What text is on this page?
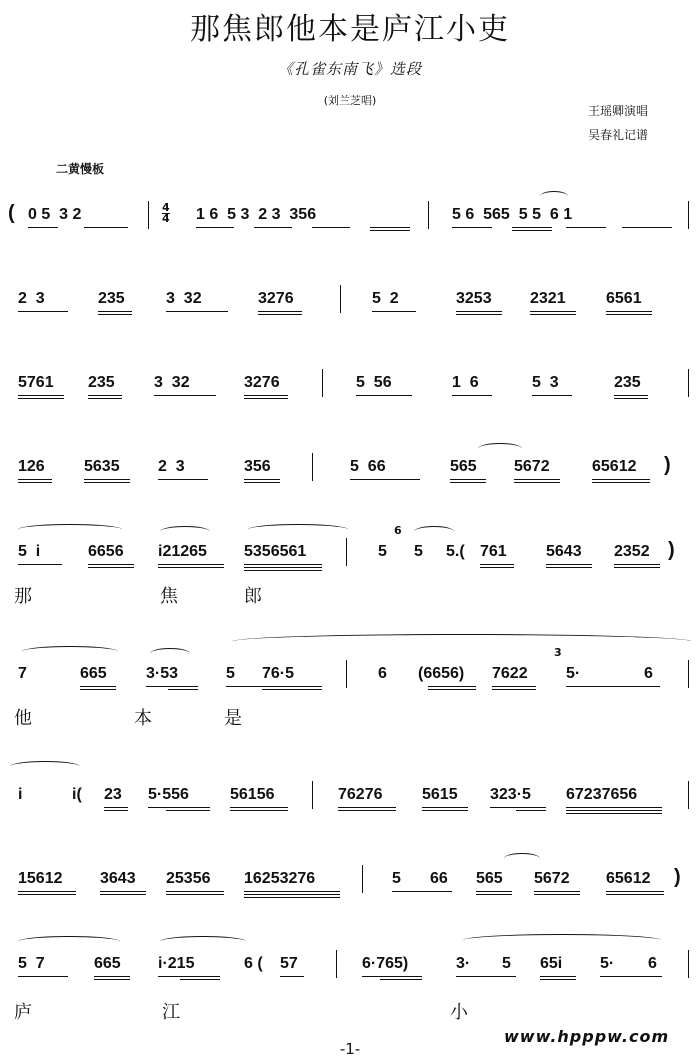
那焦郎他本是庐江小吏
《孔雀东南飞》选段
(刘兰芝唱)
王瑶卿演唱
吴春礼记谱
二黄慢板
( 0 5  3 2	4
4 1 6  5 3  2 3  356	5 6  565  5 5  6 1
2  3	235	3  32	3276	5  2	3253 2321	6561
5761 235 3  32	3276	5  56	1  6	5  3	235
126 5635 2  3	356	5  66	565 5672	65612 )
5  i	6656 i21265 5356561	5
6
5 5.( 761 5643 2352 )
那	焦	郎
7	665 3·53	5 76·5	6 (6656) 7622
3
5·	6
他	本	是
i	i( 23 5·556	56156	76276 5615 323·5 67237656
15612 3643 25356 16253276	5 66 565 5672 65612 )
5  7	665 i·215	6 ( 57	6·765)	3· 5 65i 5· 6
庐	江	小
www.hpppw.com
-1-
